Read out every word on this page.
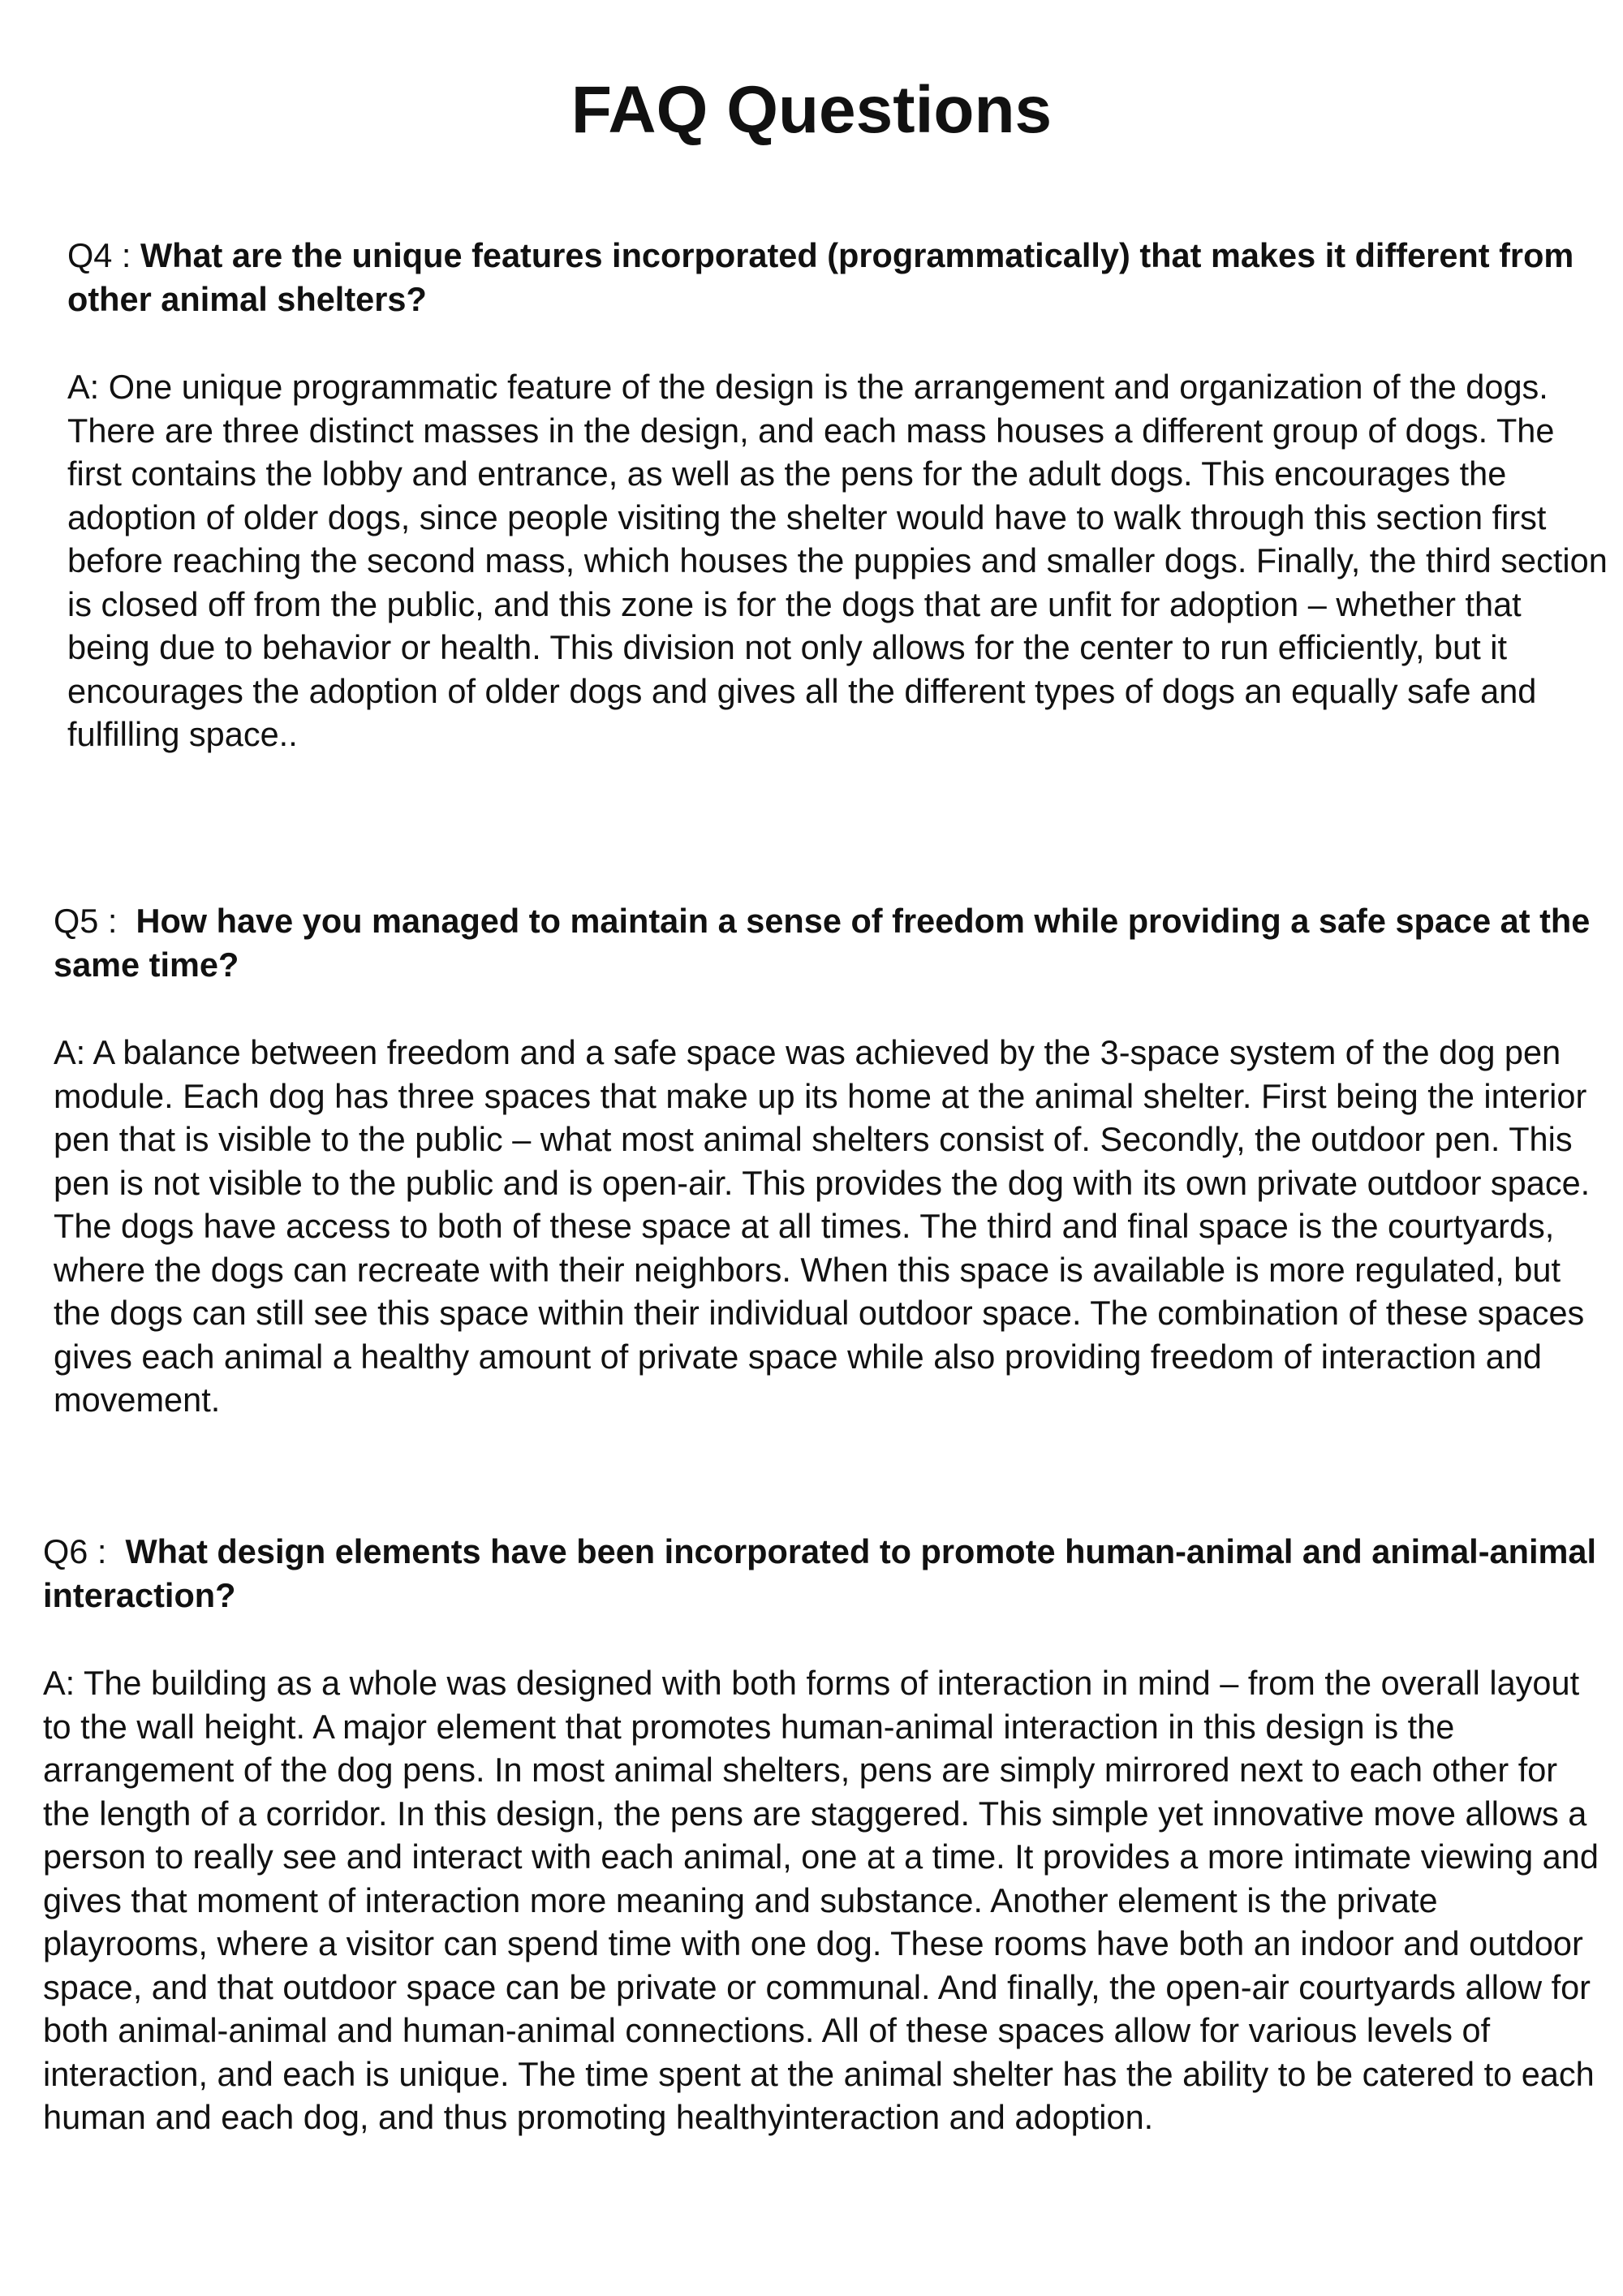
FAQ Questions

Q4 : What are the unique features incorporated (programmatically) that makes it different from other animal shelters?

A: One unique programmatic feature of the design is the arrangement and organization of the dogs. There are three distinct masses in the design, and each mass houses a different group of dogs. The first contains the lobby and entrance, as well as the pens for the adult dogs. This encourages the adoption of older dogs, since people visiting the shelter would have to walk through this section first before reaching the second mass, which houses the puppies and smaller dogs. Finally, the third section is closed off from the public, and this zone is for the dogs that are unfit for adoption – whether that being due to behavior or health. This division not only allows for the center to run efficiently, but it encourages the adoption of older dogs and gives all the different types of dogs an equally safe and fulfilling space..

Q5 :  How have you managed to maintain a sense of freedom while providing a safe space at the same time?

A: A balance between freedom and a safe space was achieved by the 3-space system of the dog pen module. Each dog has three spaces that make up its home at the animal shelter. First being the interior pen that is visible to the public – what most animal shelters consist of. Secondly, the outdoor pen. This pen is not visible to the public and is open-air. This provides the dog with its own private outdoor space. The dogs have access to both of these space at all times. The third and final space is the courtyards, where the dogs can recreate with their neighbors. When this space is available is more regulated, but the dogs can still see this space within their individual outdoor space. The combination of these spaces gives each animal a healthy amount of private space while also providing freedom of interaction and movement.

Q6 :  What design elements have been incorporated to promote human-animal and animal-animal interaction?

A: The building as a whole was designed with both forms of interaction in mind – from the overall layout to the wall height. A major element that promotes human-animal interaction in this design is the arrangement of the dog pens. In most animal shelters, pens are simply mirrored next to each other for the length of a corridor. In this design, the pens are staggered. This simple yet innovative move allows a person to really see and interact with each animal, one at a time. It provides a more intimate viewing and gives that moment of interaction more meaning and substance. Another element is the private playrooms, where a visitor can spend time with one dog. These rooms have both an indoor and outdoor space, and that outdoor space can be private or communal. And finally, the open-air courtyards allow for both animal-animal and human-animal connections. All of these spaces allow for various levels of interaction, and each is unique. The time spent at the animal shelter has the ability to be catered to each human and each dog, and thus promoting healthyinteraction and adoption.
